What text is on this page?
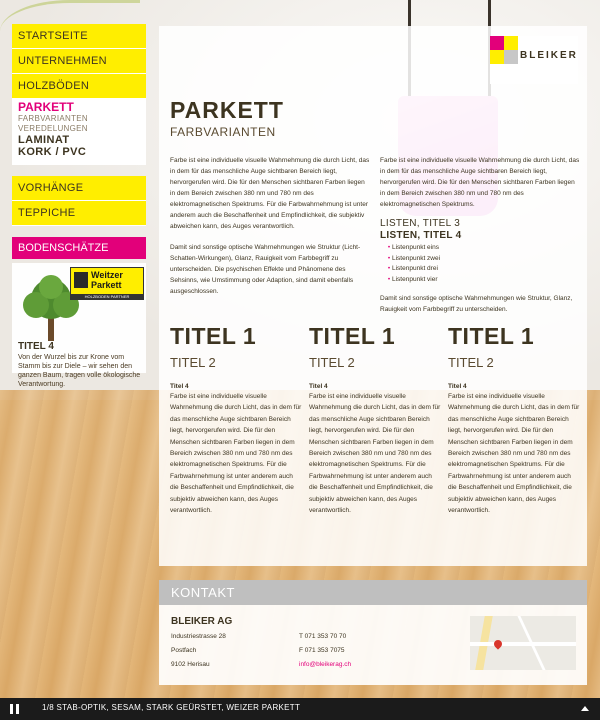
STARTSEITE
UNTERNEHMEN
HOLZBÖDEN
PARKETT
FARBVARIANTEN
VEREDELUNGEN
LAMINAT
KORK / PVC
VORHÄNGE
TEPPICHE
BODENSCHÄTZE
Weitzer
Parkett
HOLZBODEN PARTNER
TITEL 4
Von der Wurzel bis zur Krone vom Stamm bis zur Diele – wir sehen den ganzen Baum, tragen volle ökologische Verantwortung.
BLEIKER
PARKETT
FARBVARIANTEN

Farbe ist eine individuelle visuelle Wahrnehmung die durch Licht, das in dem für das menschliche Auge sichtbaren Bereich liegt, hervorgerufen wird. Die für den Menschen sichtbaren Farben liegen in dem Bereich zwischen 380 nm und 780 nm des elektromagnetischen Spektrums. Für die Farbwahrnehmung ist unter anderem auch die Beschaffenheit und Empfindlichkeit, die subjektiv abweichen kann, des Auges verantwortlich.

Damit sind sonstige optische Wahrnehmungen wie Struktur (Licht-Schatten-Wirkungen), Glanz, Rauigkeit vom Farbbegriff zu unterscheiden. Die psychischen Effekte und Phänomene des Sehsinns, wie Umstimmung oder Adaption, sind damit ebenfalls ausgeschlossen.

Farbe ist eine individuelle visuelle Wahrnehmung die durch Licht, das in dem für das menschliche Auge sichtbaren Bereich liegt, hervorgerufen wird. Die für den Menschen sichtbaren Farben liegen in dem Bereich zwischen 380 nm und 780 nm des elektromagnetischen Spektrums.

LISTEN, TITEL 3
LISTEN, TITEL 4
• Listenpunkt eins
• Listenpunkt zwei
• Listenpunkt drei
• Listenpunkt vier

Damit sind sonstige optische Wahrnehmungen wie Struktur, Glanz, Rauigkeit vom Farbbegriff zu unterscheiden.

TITEL 1
TITEL 2
Titel 4
Farbe ist eine individuelle visuelle Wahrnehmung die durch Licht, das in dem für das menschliche Auge sichtbaren Bereich liegt, hervorgerufen wird. Die für den Menschen sichtbaren Farben liegen in dem Bereich zwischen 380 nm und 780 nm des elektromagnetischen Spektrums. Für die Farbwahrnehmung ist unter anderem auch die Beschaffenheit und Empfindlichkeit, die subjektiv abweichen kann, des Auges verantwortlich.
TITEL 1
TITEL 2
Titel 4
Farbe ist eine individuelle visuelle Wahrnehmung die durch Licht, das in dem für das menschliche Auge sichtbaren Bereich liegt, hervorgerufen wird. Die für den Menschen sichtbaren Farben liegen in dem Bereich zwischen 380 nm und 780 nm des elektromagnetischen Spektrums. Für die Farbwahrnehmung ist unter anderem auch die Beschaffenheit und Empfindlichkeit, die subjektiv abweichen kann, des Auges verantwortlich.
TITEL 1
TITEL 2
Titel 4
Farbe ist eine individuelle visuelle Wahrnehmung die durch Licht, das in dem für das menschliche Auge sichtbaren Bereich liegt, hervorgerufen wird. Die für den Menschen sichtbaren Farben liegen in dem Bereich zwischen 380 nm und 780 nm des elektromagnetischen Spektrums. Für die Farbwahrnehmung ist unter anderem auch die Beschaffenheit und Empfindlichkeit, die subjektiv abweichen kann, des Auges verantwortlich.
KONTAKT
BLEIKER AG
Industriestrasse 28
Postfach
9102 Herisau
T 071 353 70 70
F 071 353 7075
info@bleikerag.ch
1/8 STAB-OPTIK, SESAM, STARK GEÜRSTET, WEIZER PARKETT
